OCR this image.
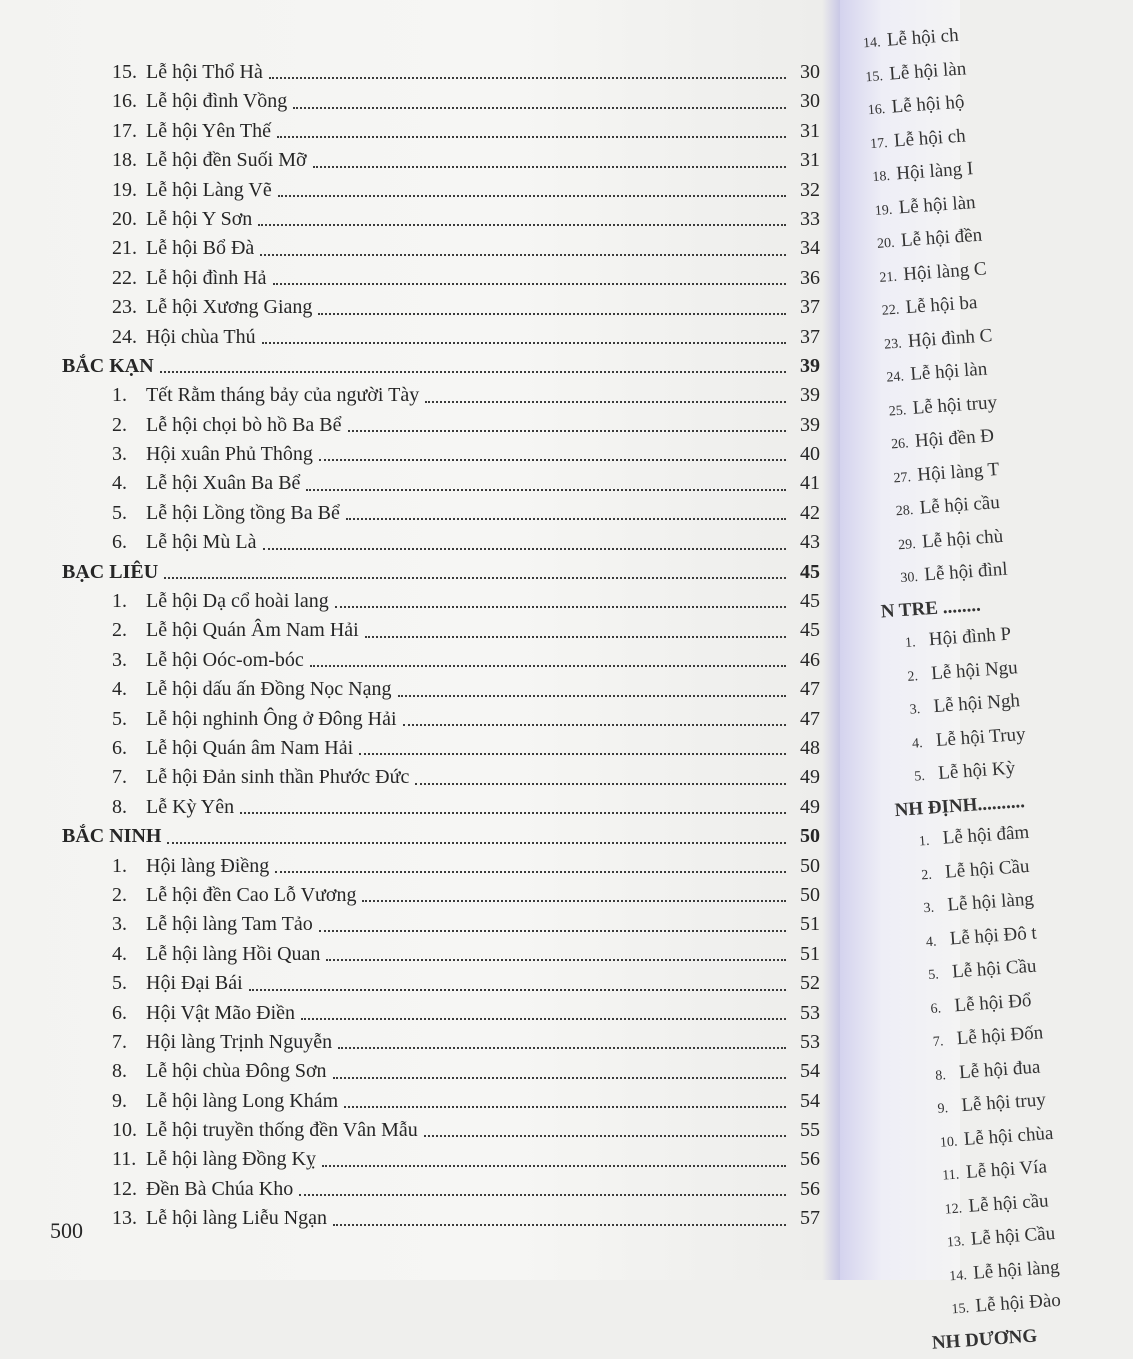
15. Lễ hội Thổ Hà	30
16. Lễ hội đình Vồng	30
17. Lễ hội Yên Thế	31
18. Lễ hội đền Suối Mỡ	31
19. Lễ hội Làng Vẽ	32
20. Lễ hội Y Sơn	33
21. Lễ hội Bổ Đà	34
22. Lễ hội đình Hả	36
23. Lễ hội Xương Giang	37
24. Hội chùa Thú	37
BẮC KẠN	39
1. Tết Rằm tháng bảy của người Tày	39
2. Lễ hội chọi bò hồ Ba Bể	39
3. Hội xuân Phủ Thông	40
4. Lễ hội Xuân Ba Bể	41
5. Lễ hội Lồng tồng Ba Bể	42
6. Lễ hội Mù Là	43
BẠC LIÊU	45
1. Lễ hội Dạ cổ hoài lang	45
2. Lễ hội Quán Âm Nam Hải	45
3. Lễ hội Oóc-om-bóc	46
4. Lễ hội dấu ấn Đồng Nọc Nạng	47
5. Lễ hội nghinh Ông ở Đông Hải	47
6. Lễ hội Quán âm Nam Hải	48
7. Lễ hội Đản sinh thần Phước Đức	49
8. Lễ Kỳ Yên	49
BẮC NINH	50
1. Hội làng Điềng	50
2. Lễ hội đền Cao Lỗ Vương	50
3. Lễ hội làng Tam Tảo	51
4. Lễ hội làng Hồi Quan	51
5. Hội Đại Bái	52
6. Hội Vật Mão Điền	53
7. Hội làng Trịnh Nguyễn	53
8. Lễ hội chùa Đông Sơn	54
9. Lễ hội làng Long Khám	54
10. Lễ hội truyền thống đền Vân Mẫu	55
11. Lễ hội làng Đồng Kỵ	56
12. Đền Bà Chúa Kho	56
13. Lễ hội làng Liễu Ngạn	57
500
14. Lễ hội ch
15. Lễ hội làn
16. Lễ hội hộ
17. Lễ hội ch
18. Hội làng I
19. Lễ hội làn
20. Lễ hội đền
21. Hội làng C
22. Lễ hội ba
23. Hội đình C
24. Lễ hội làn
25. Lễ hội truy
26. Hội đền Đ
27. Hội làng T
28. Lễ hội cầu
29. Lễ hội chù
30. Lễ hội đìnl
N TRE ........
1. Hội đình P
2. Lễ hội Ngu
3. Lễ hội Ngh
4. Lễ hội Truy
5. Lễ hội Kỳ
NH ĐỊNH..........
1. Lễ hội đâm
2. Lễ hội Cầu
3. Lễ hội làng
4. Lễ hội Đô t
5. Lễ hội Cầu
6. Lễ hội Đổ
7. Lễ hội Đốn
8. Lễ hội đua
9. Lễ hội truy
10. Lễ hội chùa
11. Lễ hội Vía
12. Lễ hội cầu
13. Lễ hội Cầu
14. Lễ hội làng
15. Lễ hội Đào
NH DƯƠNG
